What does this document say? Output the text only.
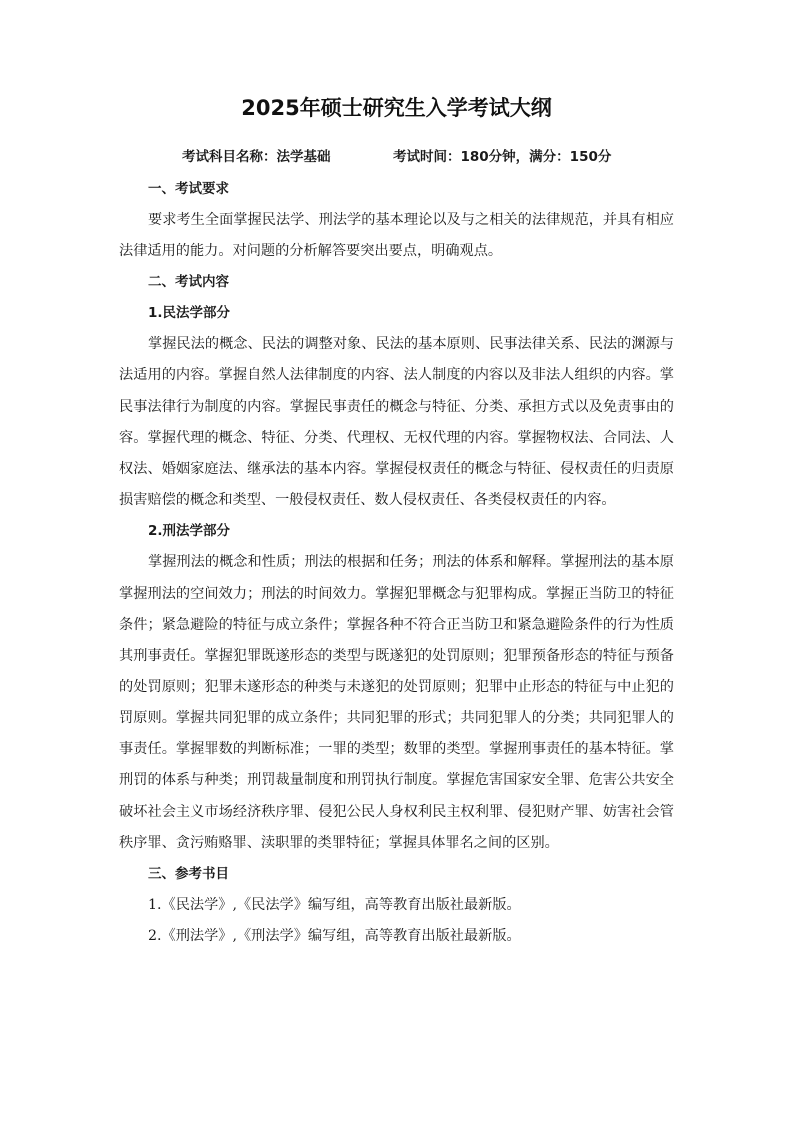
2025年硕士研究生入学考试大纲
考试科目名称：法学基础	考试时间：180分钟，满分：150分
一、考试要求
要求考生全面掌握民法学、刑法学的基本理论以及与之相关的法律规范，并具有相应
法律适用的能力。对问题的分析解答要突出要点，明确观点。
二、考试内容
1.民法学部分
掌握民法的概念、民法的调整对象、民法的基本原则、民事法律关系、民法的渊源与
法适用的内容。掌握自然人法律制度的内容、法人制度的内容以及非法人组织的内容。掌
民事法律行为制度的内容。掌握民事责任的概念与特征、分类、承担方式以及免责事由的
容。掌握代理的概念、特征、分类、代理权、无权代理的内容。掌握物权法、合同法、人
权法、婚姻家庭法、继承法的基本内容。掌握侵权责任的概念与特征、侵权责任的归责原
损害赔偿的概念和类型、一般侵权责任、数人侵权责任、各类侵权责任的内容。
2.刑法学部分
掌握刑法的概念和性质；刑法的根据和任务；刑法的体系和解释。掌握刑法的基本原
掌握刑法的空间效力；刑法的时间效力。掌握犯罪概念与犯罪构成。掌握正当防卫的特征
条件；紧急避险的特征与成立条件；掌握各种不符合正当防卫和紧急避险条件的行为性质
其刑事责任。掌握犯罪既遂形态的类型与既遂犯的处罚原则；犯罪预备形态的特征与预备
的处罚原则；犯罪未遂形态的种类与未遂犯的处罚原则；犯罪中止形态的特征与中止犯的
罚原则。掌握共同犯罪的成立条件；共同犯罪的形式；共同犯罪人的分类；共同犯罪人的
事责任。掌握罪数的判断标准；一罪的类型；数罪的类型。掌握刑事责任的基本特征。掌
刑罚的体系与种类；刑罚裁量制度和刑罚执行制度。掌握危害国家安全罪、危害公共安全
破坏社会主义市场经济秩序罪、侵犯公民人身权利民主权利罪、侵犯财产罪、妨害社会管
秩序罪、贪污贿赂罪、渎职罪的类罪特征；掌握具体罪名之间的区别。
三、参考书目
1.《民法学》,《民法学》编写组，高等教育出版社最新版。
2.《刑法学》,《刑法学》编写组，高等教育出版社最新版。
